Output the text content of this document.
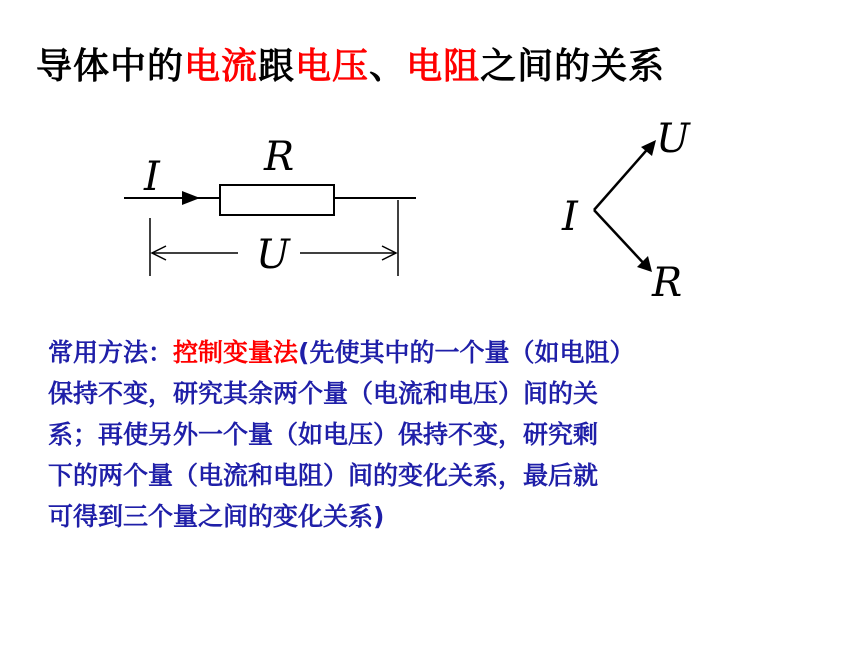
导体中的电流跟电压、电阻之间的关系
I	R
U
I
U
R
常用方法：控制变量法(先使其中的一个量（如电阻）
保持不变，研究其余两个量（电流和电压）间的关
系；再使另外一个量（如电压）保持不变，研究剩
下的两个量（电流和电阻）间的变化关系，最后就
可得到三个量之间的变化关系)
